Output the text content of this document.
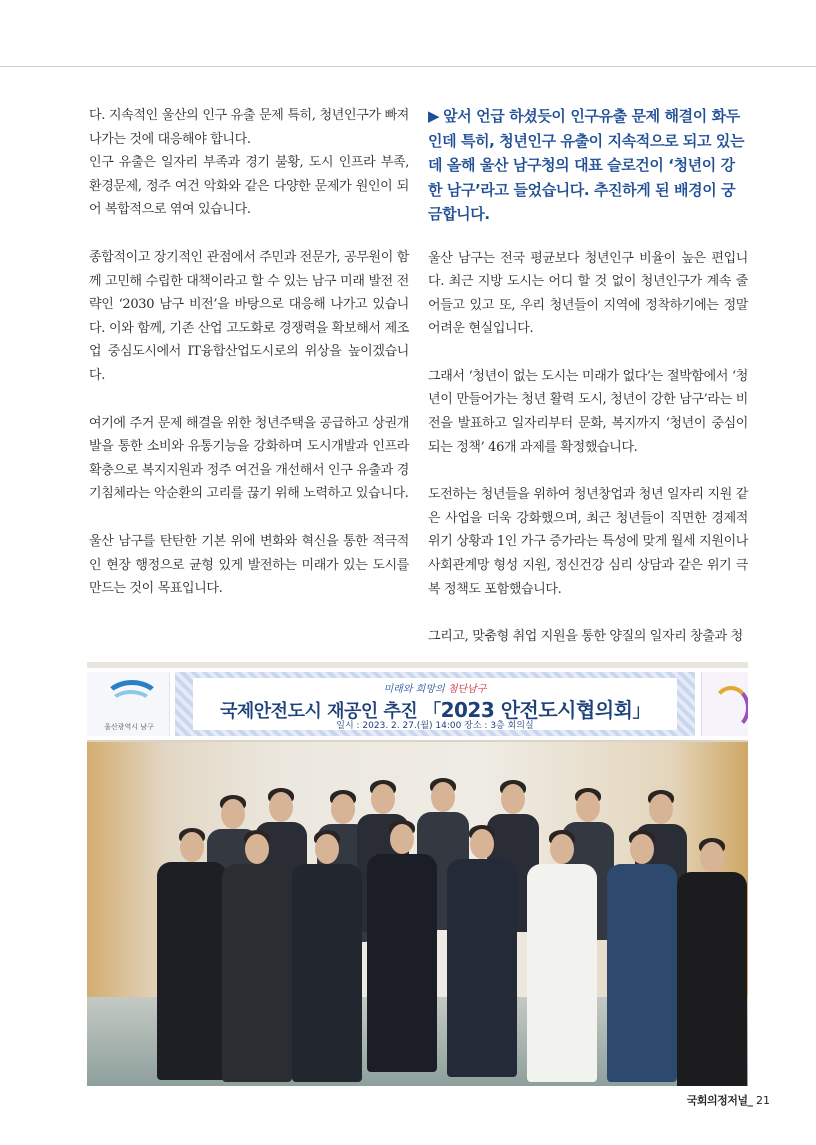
다. 지속적인 울산의 인구 유출 문제 특히, 청년인구가 빠져나가는 것에 대응해야 합니다.

인구 유출은 일자리 부족과 경기 불황, 도시 인프라 부족, 환경문제, 정주 여건 악화와 같은 다양한 문제가 원인이 되어 복합적으로 엮여 있습니다.

종합적이고 장기적인 관점에서 주민과 전문가, 공무원이 함께 고민해 수립한 대책이라고 할 수 있는 남구 미래 발전 전략인 ‘2030 남구 비전’을 바탕으로 대응해 나가고 있습니다. 이와 함께, 기존 산업 고도화로 경쟁력을 확보해서 제조업 중심도시에서 IT융합산업도시로의 위상을 높이겠습니다.

여기에 주거 문제 해결을 위한 청년주택을 공급하고 상권개발을 통한 소비와 유통기능을 강화하며 도시개발과 인프라 확충으로 복지지원과 정주 여건을 개선해서 인구 유출과 경기침체라는 악순환의 고리를 끊기 위해 노력하고 있습니다.

울산 남구를 탄탄한 기본 위에 변화와 혁신을 통한 적극적인 현장 행정으로 균형 있게 발전하는 미래가 있는 도시를 만드는 것이 목표입니다.

▶ 앞서 언급 하셨듯이 인구유출 문제 해결이 화두인데 특히, 청년인구 유출이 지속적으로 되고 있는데 올해 울산 남구청의 대표 슬로건이 ‘청년이 강한 남구’라고 들었습니다. 추진하게 된 배경이 궁금합니다.

울산 남구는 전국 평균보다 청년인구 비율이 높은 편입니다. 최근 지방 도시는 어디 할 것 없이 청년인구가 계속 줄어들고 있고 또, 우리 청년들이 지역에 정착하기에는 정말 어려운 현실입니다.

그래서 ‘청년이 없는 도시는 미래가 없다’는 절박함에서 ‘청년이 만들어가는 청년 활력 도시, 청년이 강한 남구’라는 비전을 발표하고 일자리부터 문화, 복지까지 ‘청년이 중심이 되는 정책’ 46개 과제를 확정했습니다.

도전하는 청년들을 위하여 청년창업과 청년 일자리 지원 같은 사업을 더욱 강화했으며, 최근 청년들이 직면한 경제적 위기 상황과 1인 가구 증가라는 특성에 맞게 월세 지원이나 사회관계망 형성 지원, 정신건강 심리 상담과 같은 위기 극복 정책도 포함했습니다.

그리고, 맞춤형 취업 지원을 통한 양질의 일자리 창출과 청

울산광역시 남구
미래와 희망의 첨단남구
국제안전도시 재공인 추진 「2023 안전도시협의회」
일시 : 2023. 2. 27.(월) 14:00 장소 : 3층 회의실
국회의정저널_ 21
